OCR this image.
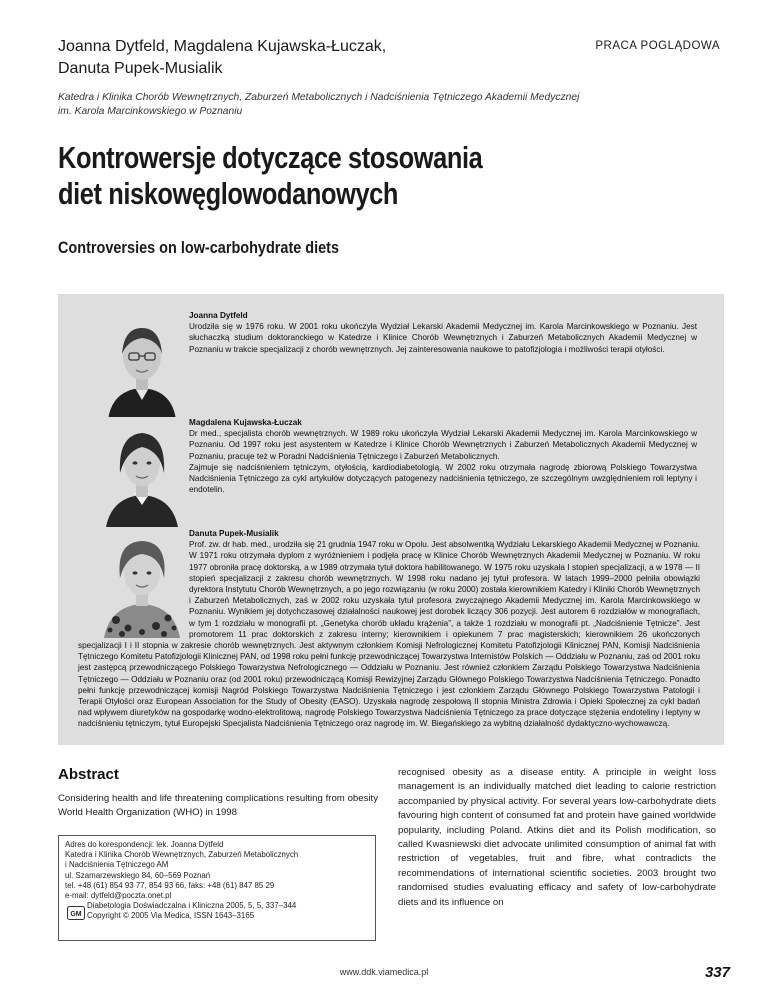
Joanna Dytfeld, Magdalena Kujawska-Łuczak,
Danuta Pupek-Musialik
PRACA POGLĄDOWA
Katedra i Klinika Chorób Wewnętrznych, Zaburzeń Metabolicznych i Nadciśnienia Tętniczego Akademii Medycznej
im. Karola Marcinkowskiego w Poznaniu
Kontrowersje dotyczące stosowania
diet niskowęglowodanowych
Controversies on low-carbohydrate diets
Joanna Dytfeld

Urodziła się w 1976 roku. W 2001 roku ukończyła Wydział Lekarski Akademii Medycznej im. Karola Marcinkowskiego w Poznaniu. Jest słuchaczką studium doktoranckiego w Katedrze i Klinice Chorób Wewnętrznych i Zaburzeń Metabolicznych Akademii Medycznej w Poznaniu w trakcie specjalizacji z chorób wewnętrznych. Jej zainteresowania naukowe to patofizjologia i możliwości terapii otyłości.

Magdalena Kujawska-Łuczak

Dr med., specjalista chorób wewnętrznych. W 1989 roku ukończyła Wydział Lekarski Akademii Medycznej im. Karola Marcinkowskiego w Poznaniu. Od 1997 roku jest asystentem w Katedrze i Klinice Chorób Wewnętrznych i Zaburzeń Metabolicznych Akademii Medycznej w Poznaniu, pracuje też w Poradni Nadciśnienia Tętniczego i Zaburzeń Metabolicznych.

Zajmuje się nadciśnieniem tętniczym, otyłością, kardiodiabetologią. W 2002 roku otrzymała nagrodę zbiorową Polskiego Towarzystwa Nadciśnienia Tętniczego za cykl artykułów dotyczących patogenezy nadciśnienia tętniczego, ze szczególnym uwzględnieniem roli leptyny i endotelin.

Danuta Pupek-Musialik

Prof. zw. dr hab. med., urodziła się 21 grudnia 1947 roku w Opolu. Jest absolwentką Wydziału Lekarskiego Akademii Medycznej w Poznaniu. W 1971 roku otrzymała dyplom z wyróżnieniem i podjęła pracę w Klinice Chorób Wewnętrznych Akademii Medycznej w Poznaniu. W roku 1977 obroniła pracę doktorską, a w 1989 otrzymała tytuł doktora habilitowanego. W 1975 roku uzyskała I stopień specjalizacji, a w 1978 — II stopień specjalizacji z zakresu chorób wewnętrznych. W 1998 roku nadano jej tytuł profesora. W latach 1999–2000 pełniła obowiązki dyrektora Instytutu Chorób Wewnętrznych, a po jego rozwiązaniu (w roku 2000) została kierownikiem Katedry i Kliniki Chorób Wewnętrznych i Zaburzeń Metabolicznych, zaś w 2002 roku uzyskała tytuł profesora zwyczajnego Akademii Medycznej im. Karola Marcinkowskiego w Poznaniu. Wynikiem jej dotychczasowej działalności naukowej jest dorobek liczący 306 pozycji. Jest autorem 6 rozdziałów w monografiach, w tym 1 rozdziału w monografii pt. „Genetyka chorób układu krążenia”, a także 1 rozdziału w monografii pt. „Nadciśnienie Tętnicze”. Jest promotorem 11 prac doktorskich z zakresu interny; kierownikiem i opiekunem 7 prac magisterskich; kierownikiem 26 ukończonych specjalizacji I i II stopnia w zakresie chorób wewnętrznych. Jest aktywnym członkiem Komisji Nefrologicznej Komitetu Patofizjologii Klinicznej PAN, Komisji Nadciśnienia Tętniczego Komitetu Patofizjologii Klinicznej PAN, od 1998 roku pełni funkcję przewodniczącej Towarzystwa Internistów Polskich — Oddziału w Poznaniu, zaś od 2001 roku jest zastępcą przewodniczącego Polskiego Towarzystwa Nefrologicznego — Oddziału w Poznaniu. Jest również członkiem Zarządu Polskiego Towarzystwa Nadciśnienia Tętniczego — Oddziału w Poznaniu oraz (od 2001 roku) przewodniczącą Komisji Rewizyjnej Zarządu Głównego Polskiego Towarzystwa Nadciśnienia Tętniczego. Ponadto pełni funkcję przewodniczącej komisji Nagród Polskiego Towarzystwa Nadciśnienia Tętniczego i jest członkiem Zarządu Głównego Polskiego Towarzystwa Patologii i Terapii Otyłości oraz European Association for the Study of Obesity (EASO). Uzyskała nagrodę zespołową II stopnia Ministra Zdrowia i Opieki Społecznej za cykl badań nad wpływem diuretyków na gospodarkę wodno-elektrolitową, nagrodę Polskiego Towarzystwa Nadciśnienia Tętniczego za prace dotyczące stężenia endoteliny i leptyny w nadciśnieniu tętniczym, tytuł Europejski Specjalista Nadciśnienia Tętniczego oraz nagrodę im. W. Biegańskiego za wybitną działalność dydaktyczno-wychowawczą.

Abstract
Considering health and life threatening complications resulting from obesity World Health Organization (WHO) in 1998
Adres do korespondencji: lek. Joanna Dytfeld
Katedra i Klinika Chorób Wewnętrznych, Zaburzeń Metabolicznych
i Nadciśnienia Tętniczego AM
ul. Szamarzewskiego 84, 60–569 Poznań
tel. +48 (61) 854 93 77, 854 93 66, faks: +48 (61) 847 85 29
e-mail: dytfeld@poczta.onet.pl
Diabetologia Doświadczalna i Kliniczna 2005, 5, 5, 337–344
Copyright © 2005 Via Medica, ISSN 1643–3165
GM
recognised obesity as a disease entity. A principle in weight loss management is an individually matched diet leading to calorie restriction accompanied by physical activity. For several years low-carbohydrate diets favouring high content of consumed fat and protein have gained worldwide popularity, including Poland. Atkins diet and its Polish modification, so called Kwasniewski diet advocate unlimited consumption of animal fat with restriction of vegetables, fruit and fibre, what contradicts the recommendations of international scientific societies. 2003 brought two randomised studies evaluating efficacy and safety of low-carbohydrate diets and its influence on
www.ddk.viamedica.pl	337
